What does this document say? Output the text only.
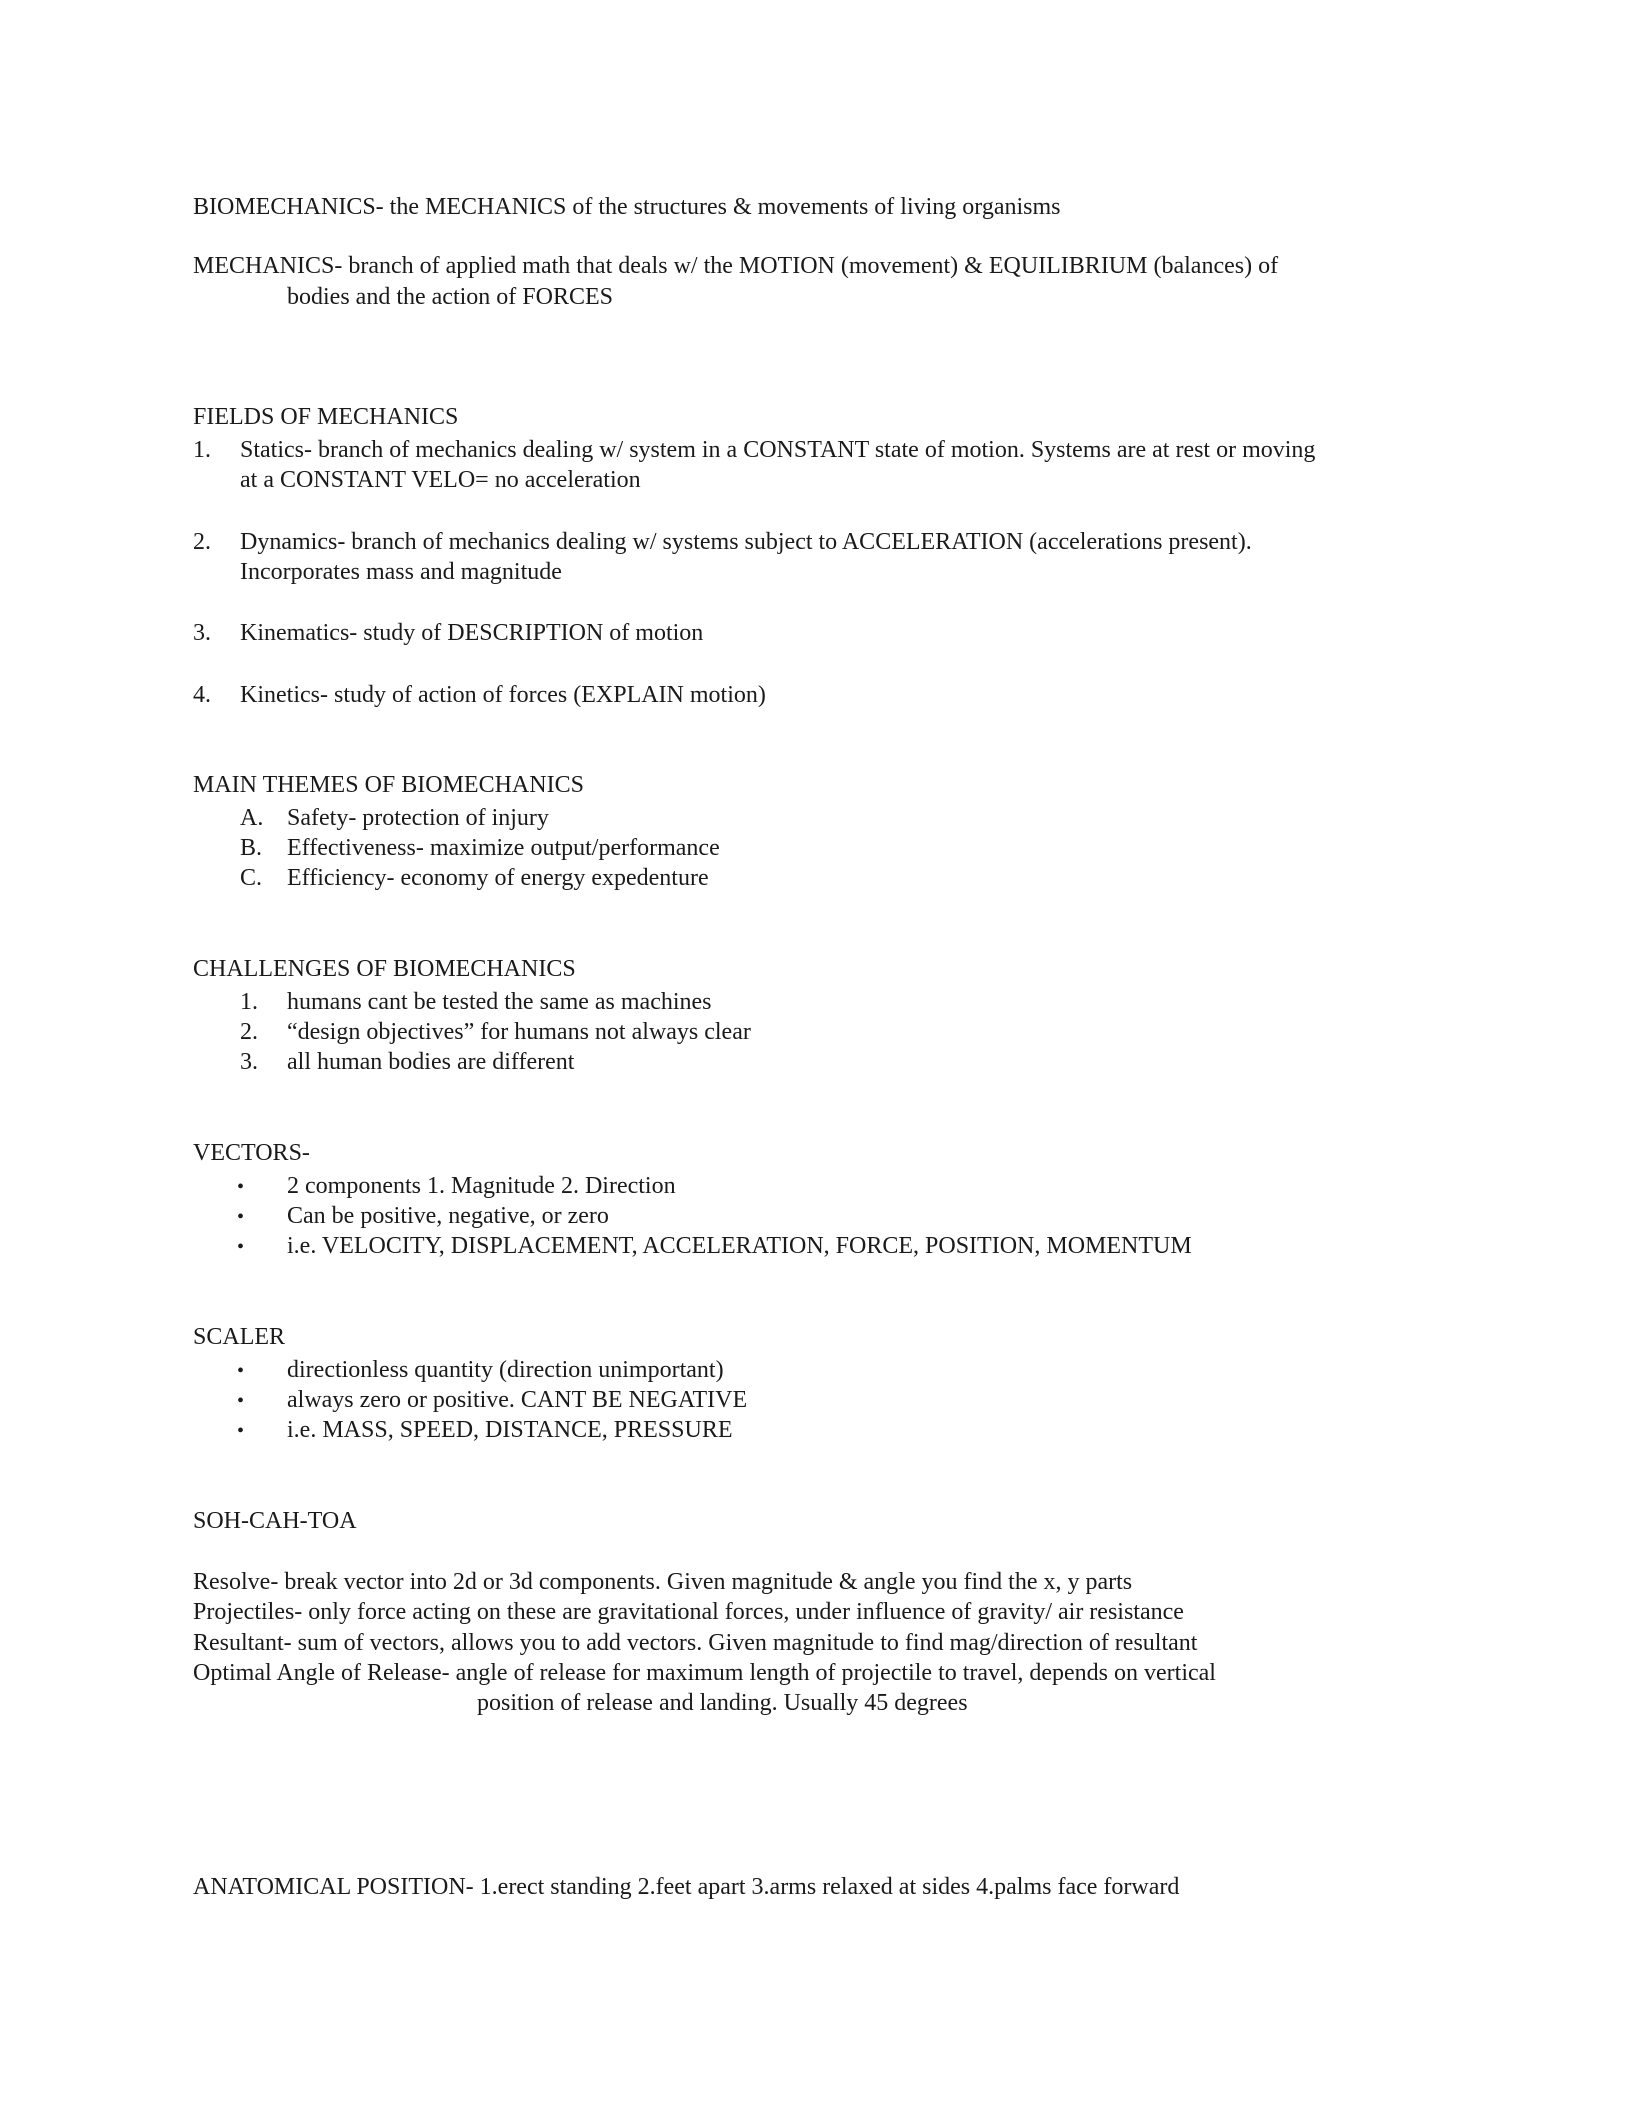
BIOMECHANICS- the MECHANICS of the structures & movements of living organisms
MECHANICS- branch of applied math that deals w/ the MOTION (movement) & EQUILIBRIUM (balances) of
bodies and the action of FORCES
FIELDS OF MECHANICS
1. Statics- branch of mechanics dealing w/ system in a CONSTANT state of motion. Systems are at rest or moving
at a CONSTANT VELO= no acceleration
2. Dynamics- branch of mechanics dealing w/ systems subject to ACCELERATION (accelerations present).
Incorporates mass and magnitude
3. Kinematics- study of DESCRIPTION of motion
4. Kinetics- study of action of forces (EXPLAIN motion)
MAIN THEMES OF BIOMECHANICS
A. Safety- protection of injury
B. Effectiveness- maximize output/performance
C. Efficiency- economy of energy expedenture
CHALLENGES OF BIOMECHANICS
1. humans cant be tested the same as machines
2. “design objectives” for humans not always clear
3. all human bodies are different
VECTORS-
• 2 components 1. Magnitude 2. Direction
• Can be positive, negative, or zero
• i.e. VELOCITY, DISPLACEMENT, ACCELERATION, FORCE, POSITION, MOMENTUM
SCALER
• directionless quantity (direction unimportant)
• always zero or positive. CANT BE NEGATIVE
• i.e. MASS, SPEED, DISTANCE, PRESSURE
SOH-CAH-TOA
Resolve- break vector into 2d or 3d components. Given magnitude & angle you find the x, y parts
Projectiles- only force acting on these are gravitational forces, under influence of gravity/ air resistance
Resultant- sum of vectors, allows you to add vectors. Given magnitude to find mag/direction of resultant
Optimal Angle of Release- angle of release for maximum length of projectile to travel, depends on vertical
position of release and landing. Usually 45 degrees
ANATOMICAL POSITION- 1.erect standing 2.feet apart 3.arms relaxed at sides 4.palms face forward
